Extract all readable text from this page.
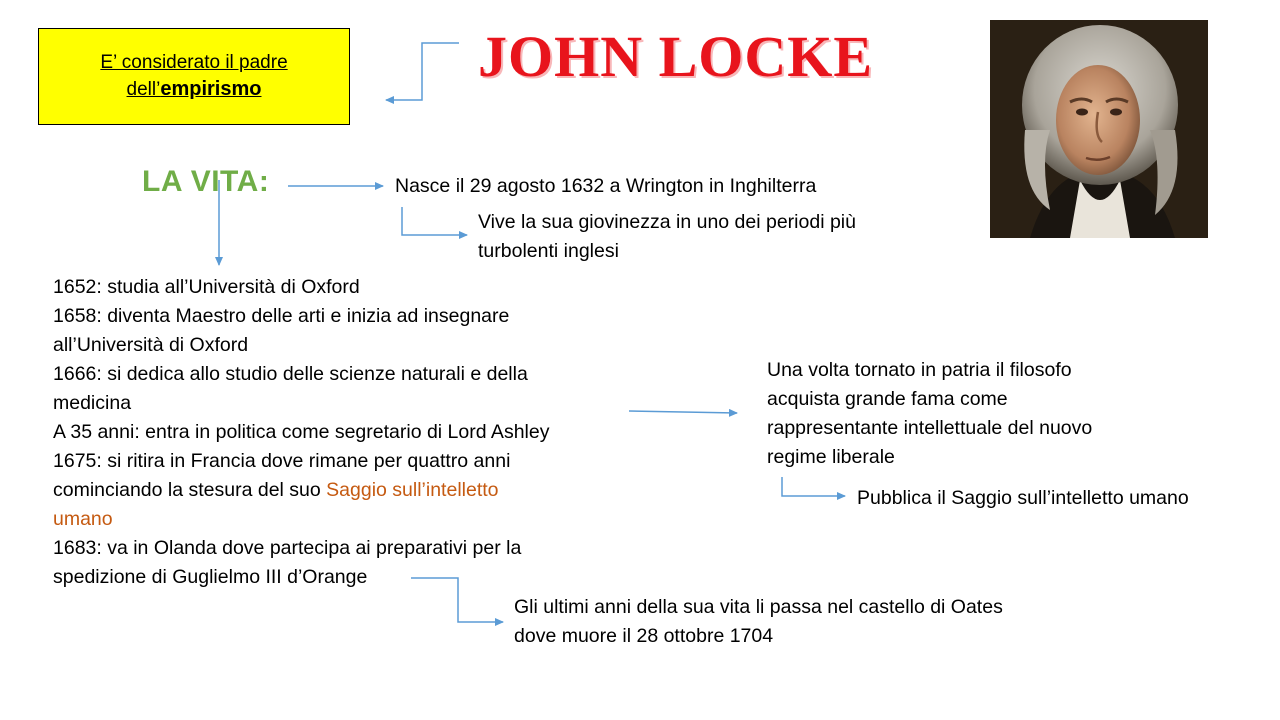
JOHN LOCKE
E’ considerato il padre
dell’empirismo
LA VITA:	Nasce il 29 agosto 1632 a Wrington in Inghilterra
Vive la sua giovinezza in uno dei periodi più
turbolenti inglesi
1652: studia all’Università di Oxford
1658: diventa Maestro delle arti e inizia ad insegnare
all’Università di Oxford
1666: si dedica allo studio delle scienze naturali e della
medicina
A 35 anni: entra in politica come segretario di Lord Ashley
1675: si ritira in Francia dove rimane per quattro anni
cominciando la stesura del suo Saggio sull’intelletto
umano
1683: va in Olanda dove partecipa ai preparativi per la
spedizione di Guglielmo III d’Orange
Una volta tornato in patria il filosofo
acquista grande fama come
rappresentante intellettuale del nuovo
regime liberale
Pubblica il Saggio sull’intelletto umano
Gli ultimi anni della sua vita li passa nel castello di Oates
dove muore il 28 ottobre 1704
